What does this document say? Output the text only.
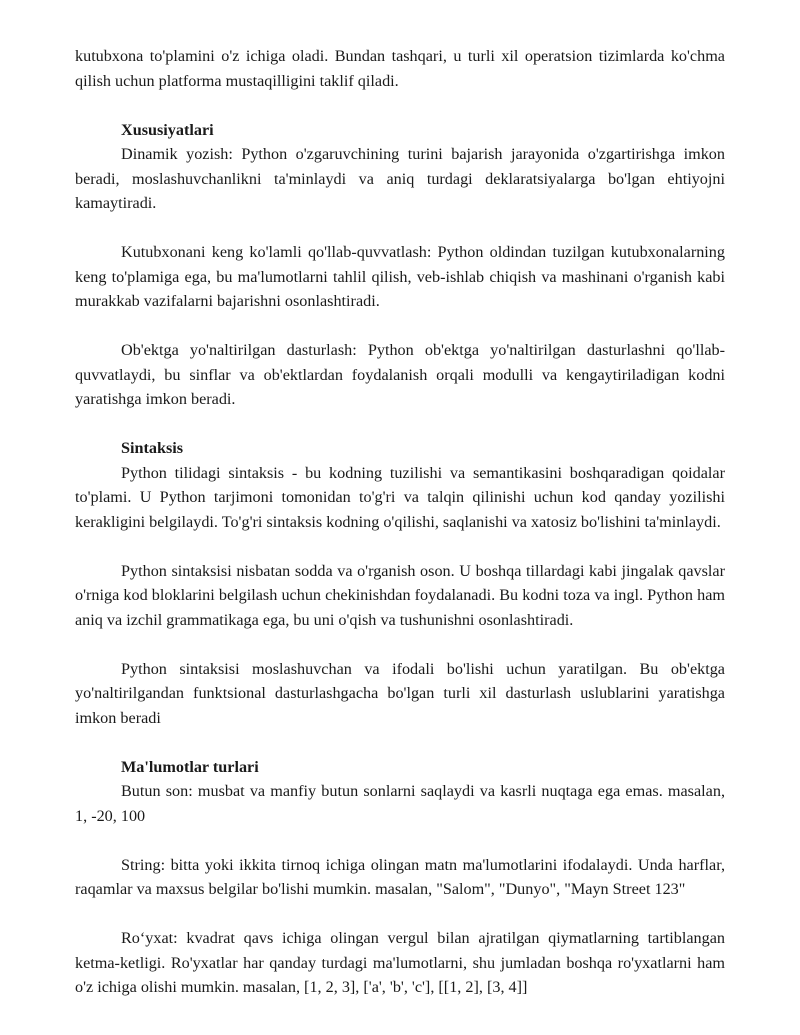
kutubxona to'plamini o'z ichiga oladi. Bundan tashqari, u turli xil operatsion tizimlarda ko'chma qilish uchun platforma mustaqilligini taklif qiladi.

Xususiyatlari

Dinamik yozish: Python o'zgaruvchining turini bajarish jarayonida o'zgartirishga imkon beradi, moslashuvchanlikni ta'minlaydi va aniq turdagi deklaratsiyalarga bo'lgan ehtiyojni kamaytiradi.

Kutubxonani keng ko'lamli qo'llab-quvvatlash: Python oldindan tuzilgan kutubxonalarning keng to'plamiga ega, bu ma'lumotlarni tahlil qilish, veb-ishlab chiqish va mashinani o'rganish kabi murakkab vazifalarni bajarishni osonlashtiradi.

Ob'ektga yo'naltirilgan dasturlash: Python ob'ektga yo'naltirilgan dasturlashni qo'llab-quvvatlaydi, bu sinflar va ob'ektlardan foydalanish orqali modulli va kengaytiriladigan kodni yaratishga imkon beradi.

Sintaksis

Python tilidagi sintaksis - bu kodning tuzilishi va semantikasini boshqaradigan qoidalar to'plami. U Python tarjimoni tomonidan to'g'ri va talqin qilinishi uchun kod qanday yozilishi kerakligini belgilaydi. To'g'ri sintaksis kodning o'qilishi, saqlanishi va xatosiz bo'lishini ta'minlaydi.

Python sintaksisi nisbatan sodda va o'rganish oson. U boshqa tillardagi kabi jingalak qavslar o'rniga kod bloklarini belgilash uchun chekinishdan foydalanadi. Bu kodni toza va ingl. Python ham aniq va izchil grammatikaga ega, bu uni o'qish va tushunishni osonlashtiradi.

Python sintaksisi moslashuvchan va ifodali bo'lishi uchun yaratilgan. Bu ob'ektga yo'naltirilgandan funktsional dasturlashgacha bo'lgan turli xil dasturlash uslublarini yaratishga imkon beradi

Ma'lumotlar turlari

Butun son: musbat va manfiy butun sonlarni saqlaydi va kasrli nuqtaga ega emas. masalan, 1, -20, 100

String: bitta yoki ikkita tirnoq ichiga olingan matn ma'lumotlarini ifodalaydi. Unda harflar, raqamlar va maxsus belgilar bo'lishi mumkin. masalan, "Salom", "Dunyo", "Mayn Street 123"

Ro‘yxat: kvadrat qavs ichiga olingan vergul bilan ajratilgan qiymatlarning tartiblangan ketma-ketligi. Ro'yxatlar har qanday turdagi ma'lumotlarni, shu jumladan boshqa ro'yxatlarni ham o'z ichiga olishi mumkin. masalan, [1, 2, 3], ['a', 'b', 'c'], [[1, 2], [3, 4]]
